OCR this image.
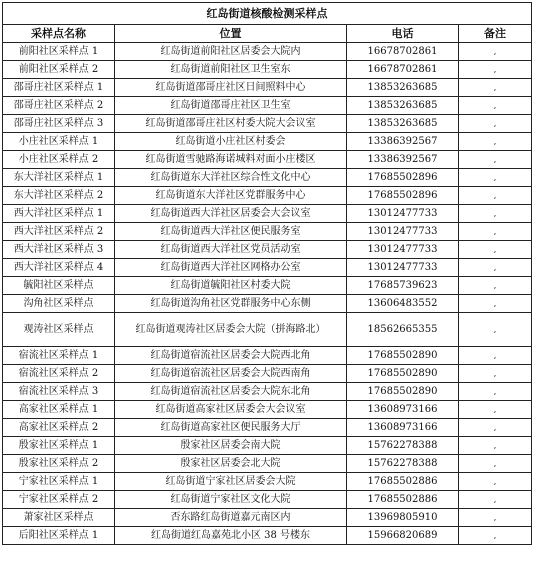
红岛街道核酸检测采样点			
采样点名称	位置	电话	备注
前阳社区采样点 1	红岛街道前阳社区居委会大院内	16678702861	,
前阳社区采样点 2	红岛街道前阳社区卫生室东	16678702861	,
邵哥庄社区采样点 1	红岛街道邵哥庄社区日间照料中心	13853263685	,
邵哥庄社区采样点 2	红岛街道邵哥庄社区卫生室	13853263685	,
邵哥庄社区采样点 3	红岛街道邵哥庄社区村委大院大会议室	13853263685	,
小庄社区采样点 1	红岛街道小庄社区村委会	13386392567	,
小庄社区采样点 2	红岛街道雪驰路海诺城料对面小庄楼区	13386392567	,
东大洋社区采样点 1	红岛街道东大洋社区综合性文化中心	17685502896	,
东大洋社区采样点 2	红岛街道东大洋社区党群服务中心	17685502896	,
西大洋社区采样点 1	红岛街道西大洋社区居委会大会议室	13012477733	,
西大洋社区采样点 2	红岛街道西大洋社区便民服务室	13012477733	,
西大洋社区采样点 3	红岛街道西大洋社区党员活动室	13012477733	,
西大洋社区采样点 4	红岛街道西大洋社区网格办公室	13012477733	,
毓阳社区采样点	红岛街道毓阳社区村委大院	17685739623	,
沟角社区采样点	红岛街道沟角社区党群服务中心东侧	13606483552	,
观涛社区采样点	红岛街道观涛社区居委会大院（拼海路北）	18562665355	,
宿流社区采样点 1	红岛街道宿流社区居委会大院西北角	17685502890	,
宿流社区采样点 2	红岛街道宿流社区居委会大院西南角	17685502890	,
宿流社区采样点 3	红岛街道宿流社区居委会大院东北角	17685502890	,
高家社区采样点 1	红岛街道高家社区居委会大会议室	13608973166	,
高家社区采样点 2	红岛街道高家社区便民服务大厅	13608973166	,
殷家社区采样点 1	殷家社区居委会南大院	15762278388	,
殷家社区采样点 2	殷家社区居委会北大院	15762278388	,
宁家社区采样点 1	红岛街道宁家社区居委会大院	17685502886	,
宁家社区采样点 2	红岛街道宁家社区文化大院	17685502886	,
萧家社区采样点	否东路红岛街道嘉元南区内	13969805910	,
后阳社区采样点 1	红岛街道红岛嘉苑北小区 38 号楼东	15966820689	,
